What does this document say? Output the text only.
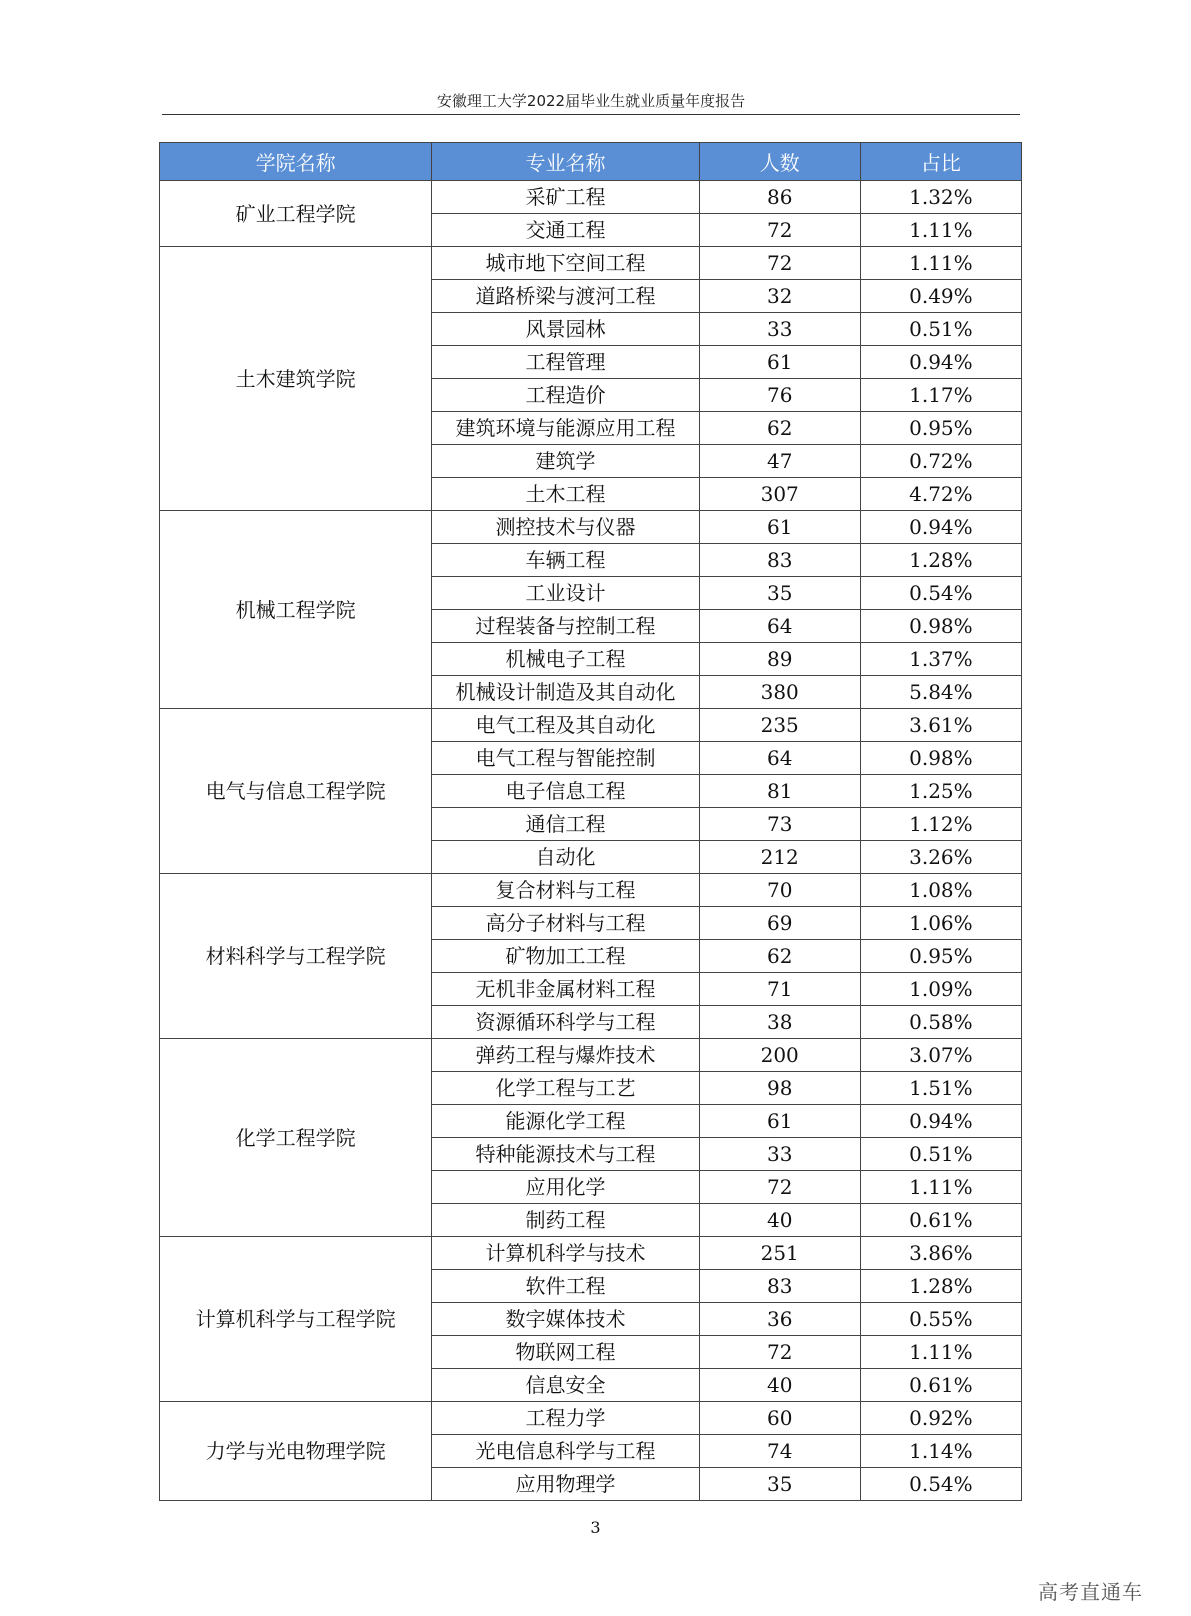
安徽理工大学2022届毕业生就业质量年度报告
学院名称	专业名称	人数	占比
矿业工程学院	采矿工程	86	1.32%
	交通工程	72	1.11%
土木建筑学院	城市地下空间工程	72	1.11%
	道路桥梁与渡河工程	32	0.49%
	风景园林	33	0.51%
	工程管理	61	0.94%
	工程造价	76	1.17%
	建筑环境与能源应用工程	62	0.95%
	建筑学	47	0.72%
	土木工程	307	4.72%
机械工程学院	测控技术与仪器	61	0.94%
	车辆工程	83	1.28%
	工业设计	35	0.54%
	过程装备与控制工程	64	0.98%
	机械电子工程	89	1.37%
	机械设计制造及其自动化	380	5.84%
电气与信息工程学院	电气工程及其自动化	235	3.61%
	电气工程与智能控制	64	0.98%
	电子信息工程	81	1.25%
	通信工程	73	1.12%
	自动化	212	3.26%
材料科学与工程学院	复合材料与工程	70	1.08%
	高分子材料与工程	69	1.06%
	矿物加工工程	62	0.95%
	无机非金属材料工程	71	1.09%
	资源循环科学与工程	38	0.58%
化学工程学院	弹药工程与爆炸技术	200	3.07%
	化学工程与工艺	98	1.51%
	能源化学工程	61	0.94%
	特种能源技术与工程	33	0.51%
	应用化学	72	1.11%
	制药工程	40	0.61%
计算机科学与工程学院	计算机科学与技术	251	3.86%
	软件工程	83	1.28%
	数字媒体技术	36	0.55%
	物联网工程	72	1.11%
	信息安全	40	0.61%
力学与光电物理学院	工程力学	60	0.92%
	光电信息科学与工程	74	1.14%
	应用物理学	35	0.54%
3
高考直通车
